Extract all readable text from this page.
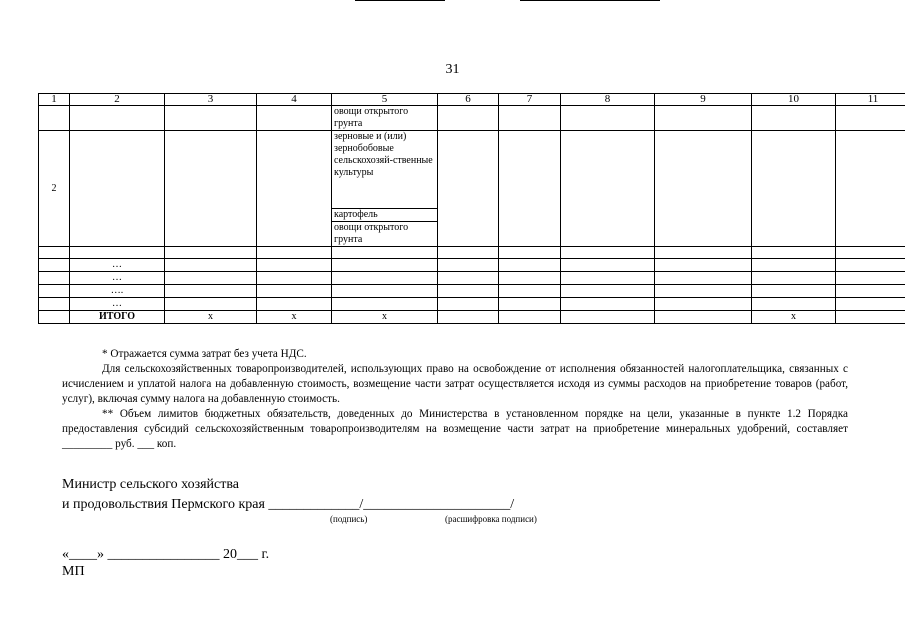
31
1	2	3	4	5	6	7	8	9	10	11
				овощи открытого грунта						
2				зерновые и (или) зернобобовые сельскохозяй-ственные культуры						
				картофель						
				овощи открытого грунта						

	…									
	…									
	….									
	…									
	ИТОГО	x	x	x					x	

* Отражается сумма затрат без учета НДС.

Для сельскохозяйственных товаропроизводителей, использующих право на освобождение от исполнения обязанностей налогоплательщика, связанных с исчислением и уплатой налога на добавленную стоимость, возмещение части затрат осуществляется исходя из суммы расходов на приобретение товаров (работ, услуг), включая сумму налога на добавленную стоимость.

** Объем лимитов бюджетных обязательств, доведенных до Министерства в установленном порядке на цели, указанные в пункте 1.2 Порядка предоставления субсидий сельскохозяйственным товаропроизводителям на возмещение части затрат на приобретение минеральных удобрений, составляет _________ руб. ___ коп.

Министр сельского хозяйства
и продовольствия Пермского края _____________/_____________________/
(подпись)	(расшифровка подписи)
«____» ________________ 20___ г.
МП
